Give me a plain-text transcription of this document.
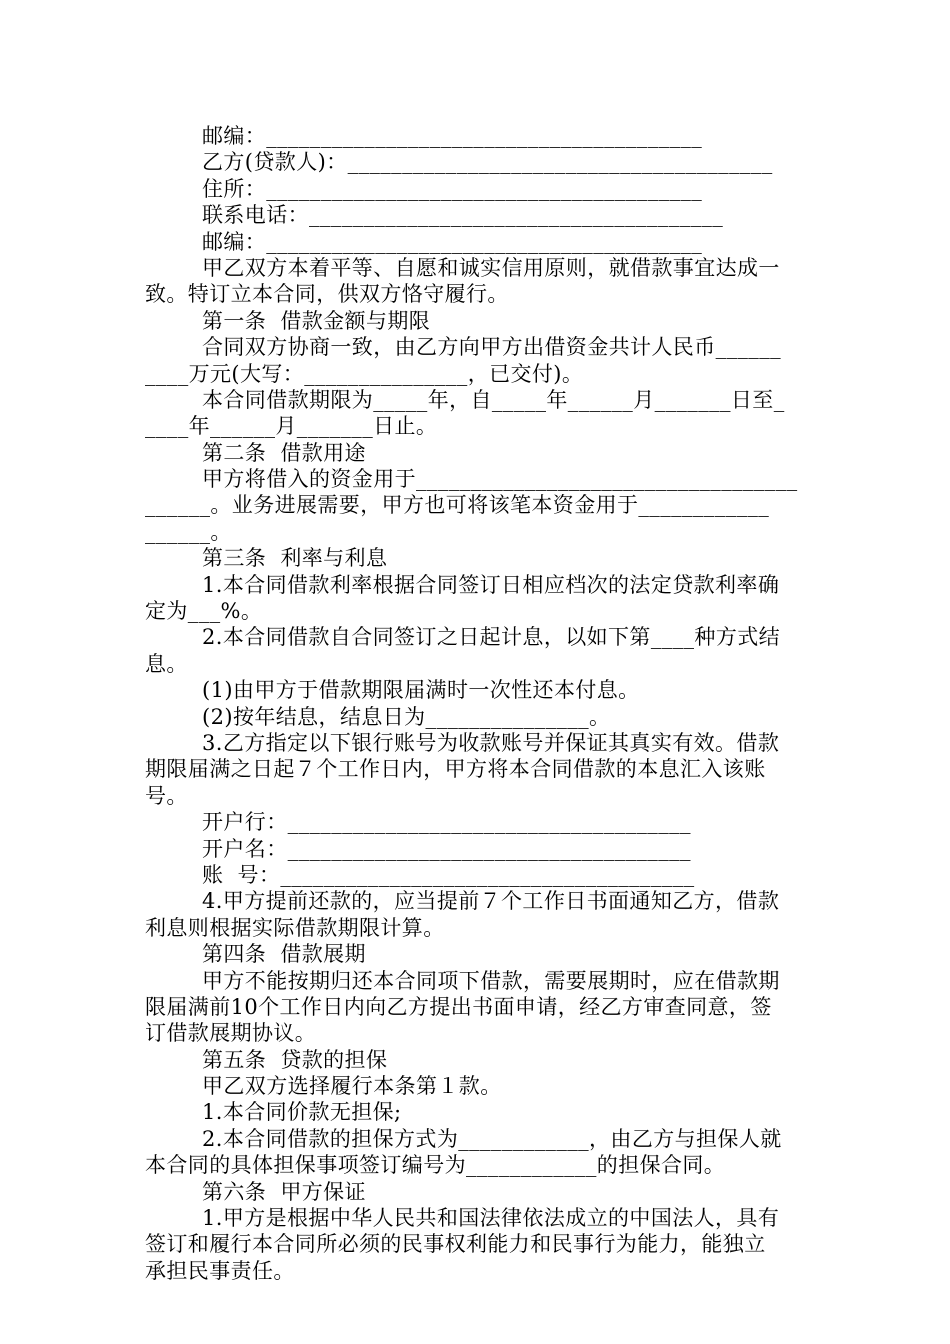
邮编：________________________________________
乙方(贷款人)：_______________________________________
住所：________________________________________
联系电话：______________________________________
邮编：________________________________________
甲乙双方本着平等、自愿和诚实信用原则，就借款事宜达成一
致。特订立本合同，供双方恪守履行。
第一条  借款金额与期限
合同双方协商一致，由乙方向甲方出借资金共计人民币______
____万元(大写：_______________，已交付)。
本合同借款期限为_____年，自_____年______月_______日至_
____年______月_______日止。
第二条  借款用途
甲方将借入的资金用于___________________________________
______。业务进展需要，甲方也可将该笔本资金用于____________
______。
第三条  利率与利息
1.本合同借款利率根据合同签订日相应档次的法定贷款利率确
定为___%。
2.本合同借款自合同签订之日起计息，以如下第____种方式结
息。
(1)由甲方于借款期限届满时一次性还本付息。
(2)按年结息，结息日为_______________。
3.乙方指定以下银行账号为收款账号并保证其真实有效。借款
期限届满之日起７个工作日内，甲方将本合同借款的本息汇入该账
号。
开户行：_____________________________________
开户名：_____________________________________
账  号：______________________________________
4.甲方提前还款的，应当提前７个工作日书面通知乙方，借款
利息则根据实际借款期限计算。
第四条  借款展期
甲方不能按期归还本合同项下借款，需要展期时，应在借款期
限届满前10个工作日内向乙方提出书面申请，经乙方审查同意，签
订借款展期协议。
第五条  贷款的担保
甲乙双方选择履行本条第１款。
1.本合同价款无担保;
2.本合同借款的担保方式为____________，由乙方与担保人就
本合同的具体担保事项签订编号为____________的担保合同。
第六条  甲方保证
1.甲方是根据中华人民共和国法律依法成立的中国法人，具有
签订和履行本合同所必须的民事权利能力和民事行为能力，能独立
承担民事责任。
